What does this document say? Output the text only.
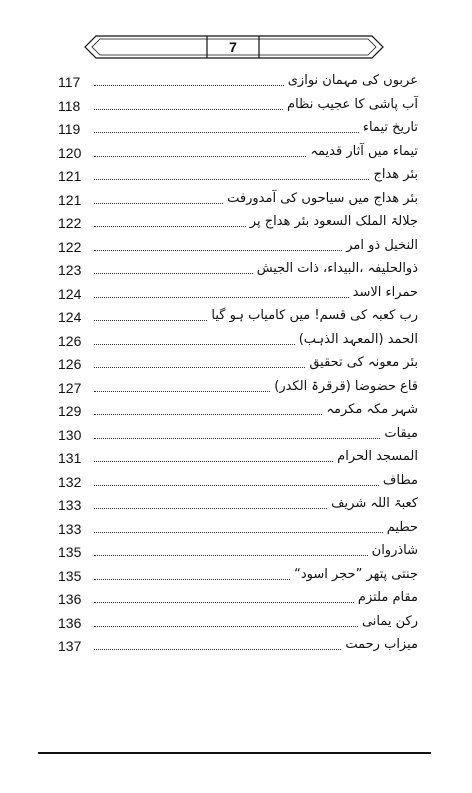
7
117	عربوں کی مہمان نوازی
118	آب پاشی کا عجیب نظام
119	تاریخ تیماء
120	تیماء میں آثار قدیمہ
121	بئر ھداج
121	بئر ھداج میں سیاحوں کی آمدورفت
122	جلالۃ الملک السعود بئر ھداج پر
122	النخیل ذو امر
123	ذوالحلیفہ ،البیداء، ذات الجیش
124	حمراء الاسد
124	رب کعبہ کی قسم! میں کامیاب ہو گیا
126	الحمد (المعہد الذہب)
126	بئر معونہ کی تحقیق
127	قاع حضوضا (قرقرۃ الکدر)
129	شہر مکہ مکرمہ
130	میقات
131	المسجد الحرام
132	مطاف
133	کعبۃ اللہ شریف
133	حطیم
135	شاذروان
135	جنتی پتھر ”حجر اسود“
136	مقام ملتزم
136	رکن یمانی
137	میزاب رحمت
